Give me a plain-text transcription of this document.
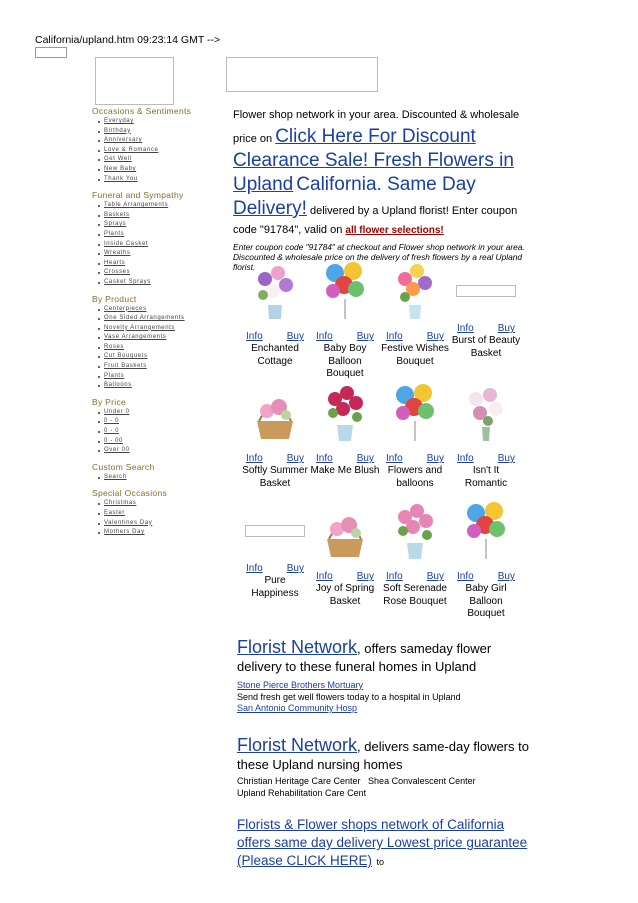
California/upland.htm 09:23:14 GMT -->
Occasions & Sentiments
Everyday
Birthday
Anniversary
Love & Romance
Get Well
New Baby
Thank You
Funeral and Sympathy
Table Arrangements
Baskets
Sprays
Plants
Inside Casket
Wreaths
Hearts
Crosses
Casket Sprays
By Product
Centerpieces
One Sided Arrangements
Novelty Arrangements
Vase Arrangements
Roses
Cut Bouquets
Fruit Baskets
Plants
Balloons
By Price
Under 0
0 - 0
0 - 0
0 - 00
Over 00
Custom Search
Search
Special Occasions
Christmas
Easter
Valentines Day
Mothers Day
Flower shop network in your area. Discounted & wholesale
price on Click Here For Discount Clearance Sale! Fresh Flowers in Upland California. Same Day Delivery! delivered by a Upland florist! Enter coupon code "91784", valid on all flower selections!
Enter coupon code "91784" at checkout and Flower shop network in your area. Discounted & wholesale price on the delivery of fresh flowers by a real Upland florist.
Info Buy
Enchanted Cottage
Info Buy
Baby Boy Balloon Bouquet
Info Buy
Festive Wishes Bouquet
Info Buy
Burst of Beauty Basket
Info Buy
Softly Summer Basket
Info Buy
Make Me Blush
Info Buy
Flowers and balloons
Info Buy
Isn't It Romantic
Info Buy
Pure Happiness
Info Buy
Joy of Spring Basket
Info Buy
Soft Serenade Rose Bouquet
Info Buy
Baby Girl Balloon Bouquet
Florist Network, offers sameday flower delivery to these funeral homes in Upland
Stone Pierce Brothers Mortuary
Send fresh get well flowers today to a hospital in Upland
San Antonio Community Hosp
Florist Network, delivers same-day flowers to these Upland nursing homes
Christian Heritage Care Center   Shea Convalescent Center
Upland Rehabilitation Care Cent
Florists & Flower shops network of California offers same day delivery Lowest price guarantee (Please CLICK HERE) to
